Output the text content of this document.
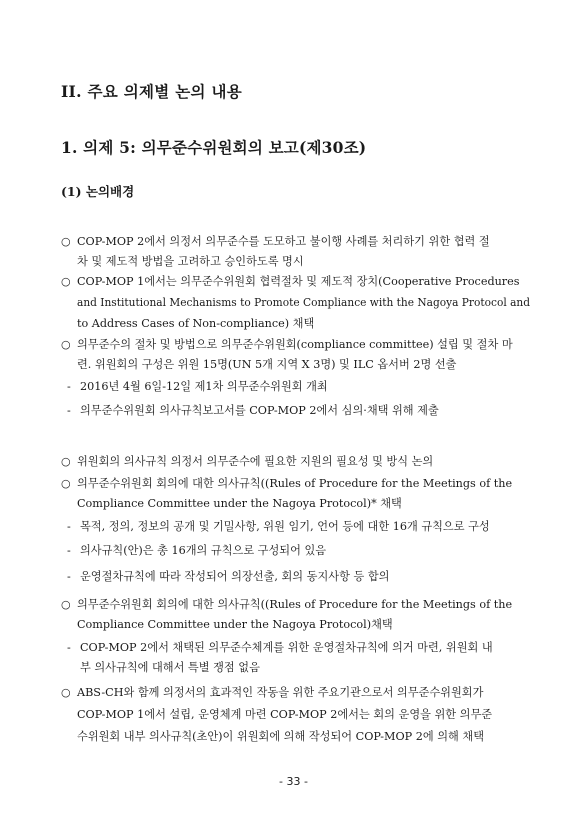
II. 주요 의제별 논의 내용
1. 의제 5: 의무준수위원회의 보고(제30조)
(1) 논의배경
○ COP-MOP 2에서 의정서 의무준수를 도모하고 불이행 사례를 처리하기 위한 협력 절
차 및 제도적 방법을 고려하고 승인하도록 명시
○ COP-MOP 1에서는 의무준수위원회 협력절차 및 제도적 장치(Cooperative Procedures
and Institutional Mechanisms to Promote Compliance with the Nagoya Protocol and
to Address Cases of Non-compliance) 채택
○ 의무준수의 절차 및 방법으로 의무준수위원회(compliance committee) 설립 및 절차 마
련. 위원회의 구성은 위원 15명(UN 5개 지역 X 3명) 및 ILC 옵서버 2명 선출
- 2016년 4월 6일-12일 제1차 의무준수위원회 개최
- 의무준수위원회 의사규칙보고서를 COP-MOP 2에서 심의·채택 위해 제출
○ 위원회의 의사규칙 의정서 의무준수에 필요한 지원의 필요성 및 방식 논의
○ 의무준수위원회 회의에 대한 의사규칙((Rules of Procedure for the Meetings of the
Compliance Committee under the Nagoya Protocol)* 채택
- 목적, 정의, 정보의 공개 및 기밀사항, 위원 임기, 언어 등에 대한 16개 규칙으로 구성
- 의사규칙(안)은 총 16개의 규칙으로 구성되어 있음
- 운영절차규칙에 따라 작성되어 의장선출, 회의 동지사항 등 합의
○ 의무준수위원회 회의에 대한 의사규칙((Rules of Procedure for the Meetings of the
Compliance Committee under the Nagoya Protocol)채택
- COP-MOP 2에서 채택된 의무준수체계를 위한 운영절차규칙에 의거 마련, 위원회 내
부 의사규칙에 대해서 특별 쟁점 없음
○ ABS-CH와 함께 의정서의 효과적인 작동을 위한 주요기관으로서 의무준수위원회가
COP-MOP 1에서 설립, 운영체계 마련 COP-MOP 2에서는 회의 운영을 위한 의무준
수위원회 내부 의사규칙(초안)이 위원회에 의해 작성되어 COP-MOP 2에 의해 채택
- 33 -
